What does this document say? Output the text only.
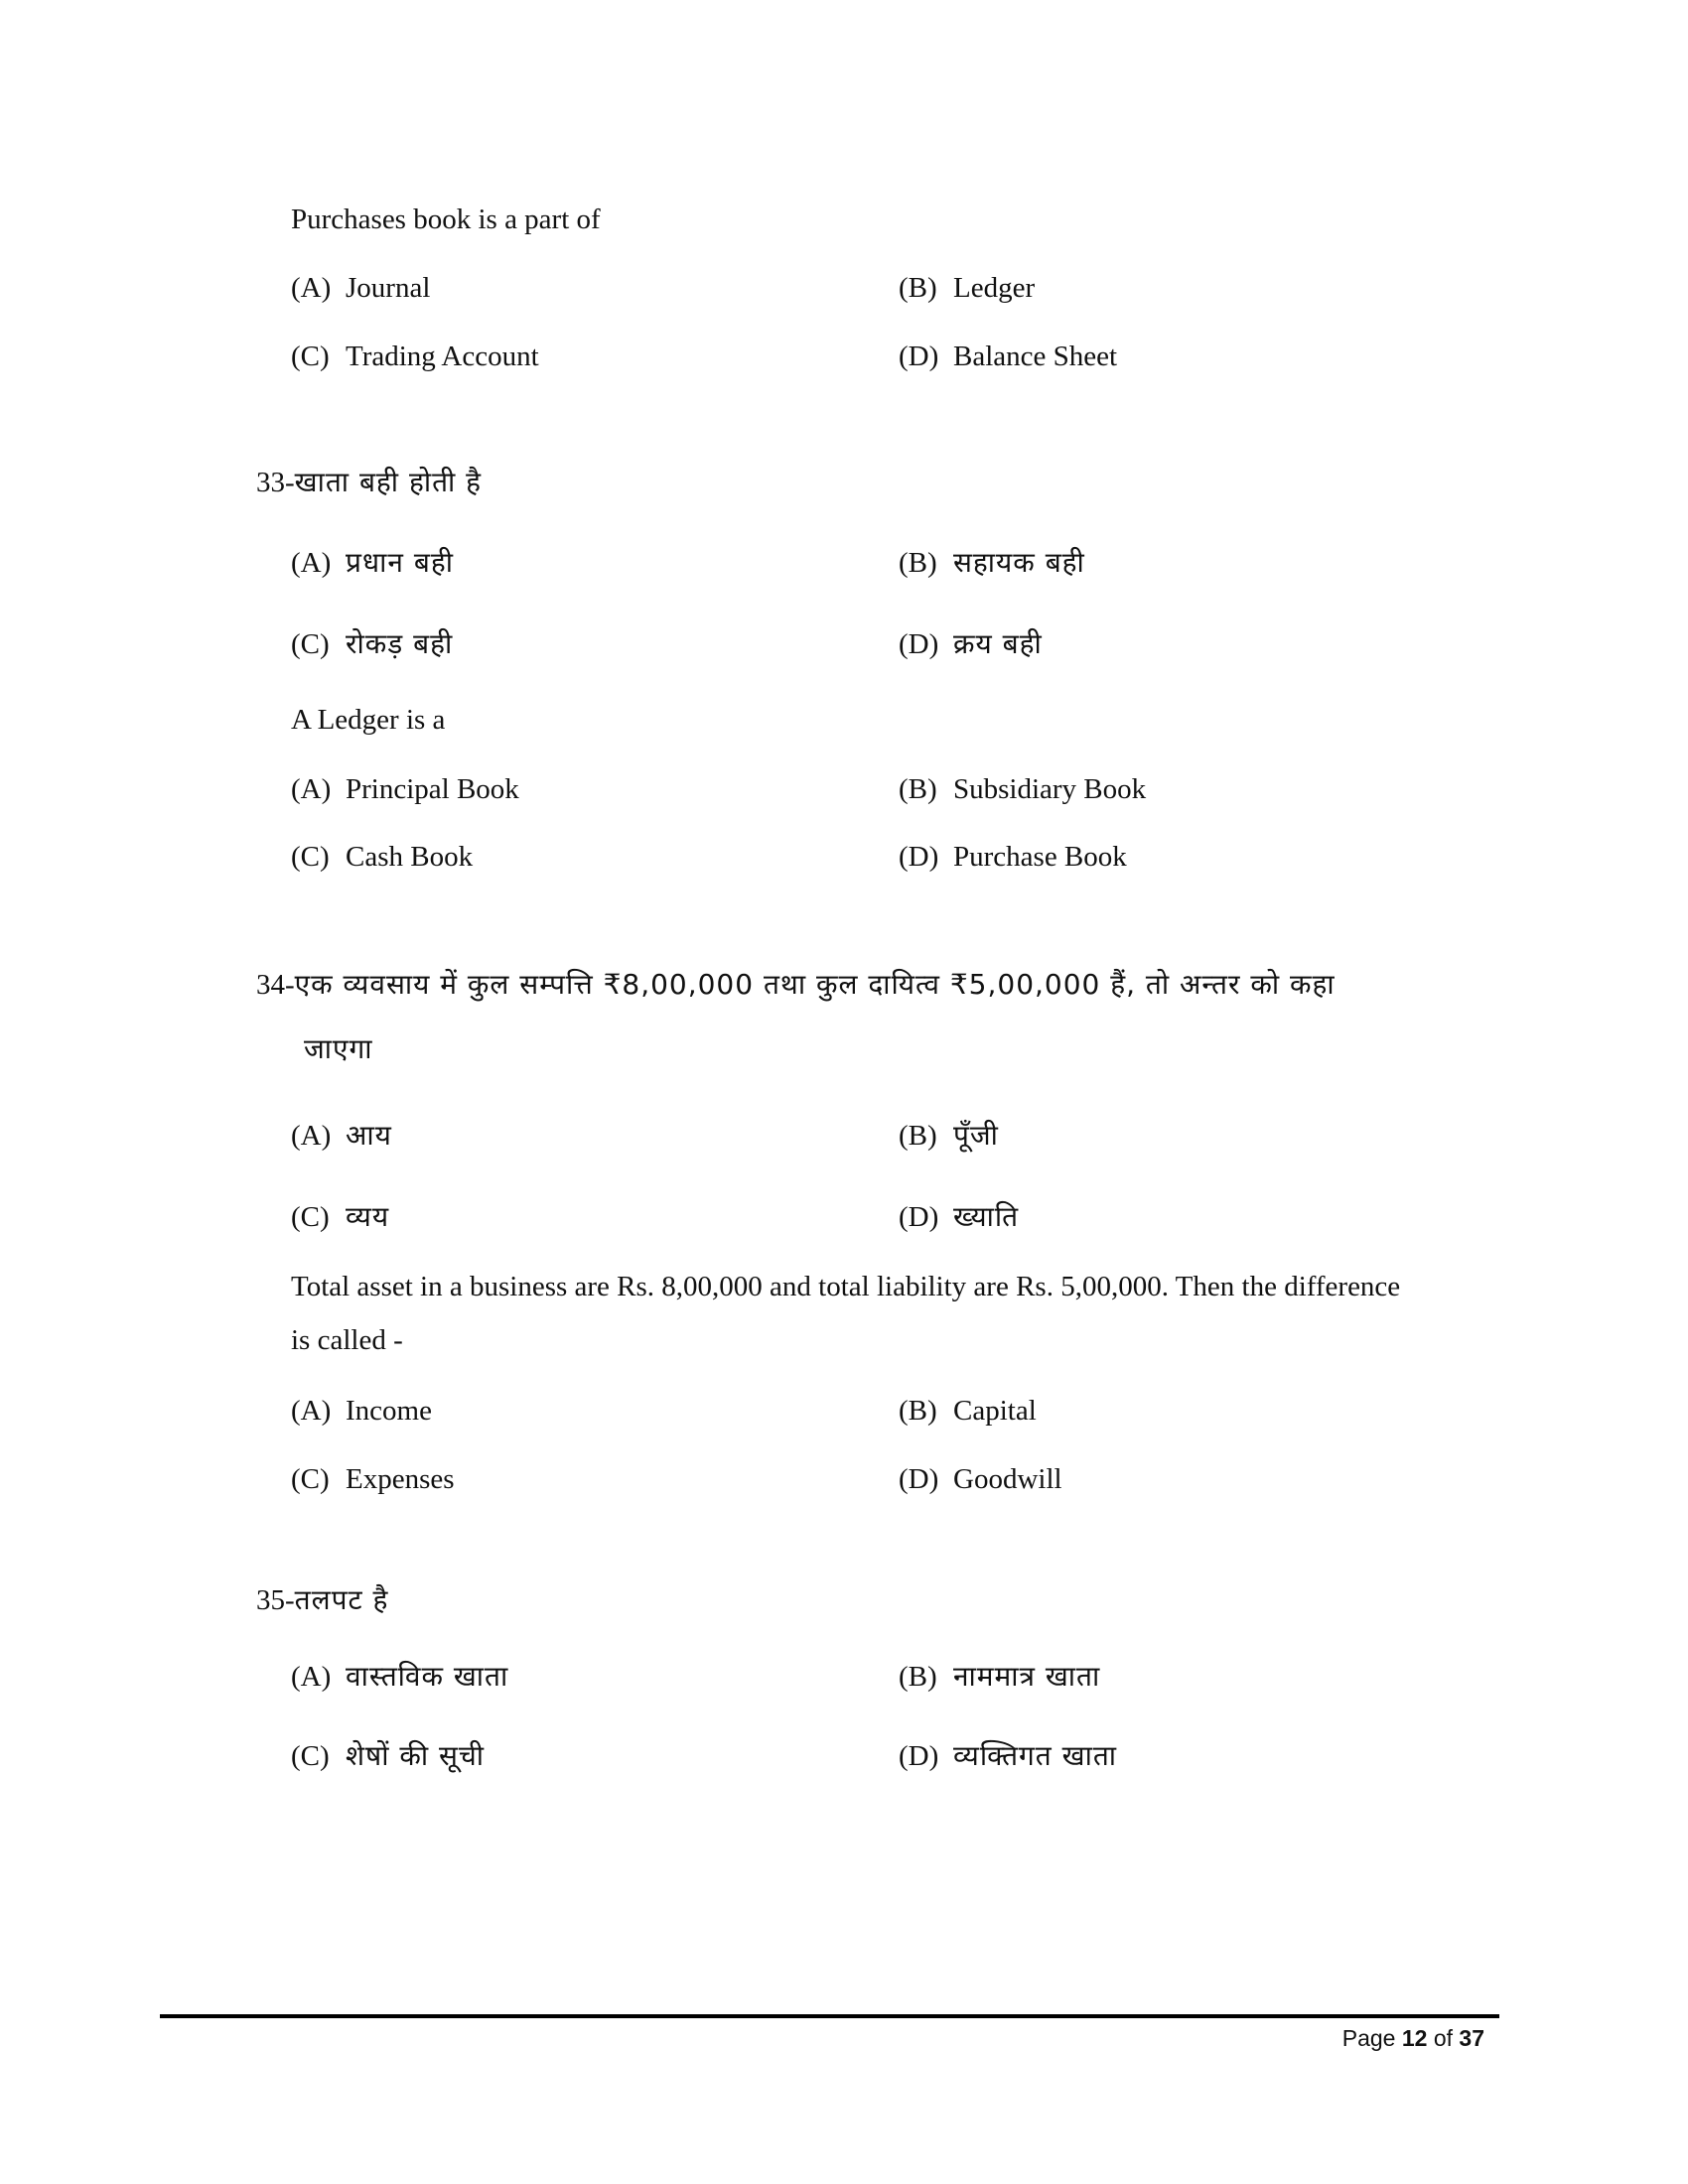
Purchases book is a part of
(A) Journal	(B) Ledger
(C) Trading Account	(D) Balance Sheet
33-खाता बही होती है
(A) प्रधान बही	(B) सहायक बही
(C) रोकड़ बही	(D) क्रय बही
A Ledger is a
(A) Principal Book	(B) Subsidiary Book
(C) Cash Book	(D) Purchase Book
34-एक व्यवसाय में कुल सम्पत्ति ₹8,00,000 तथा कुल दायित्व ₹5,00,000 हैं, तो अन्तर को कहा
जाएगा
(A) आय	(B) पूँजी
(C) व्यय	(D) ख्याति
Total asset in a business are Rs. 8,00,000 and total liability are Rs. 5,00,000. Then the difference
is called -
(A) Income	(B) Capital
(C) Expenses	(D) Goodwill
35-तलपट है
(A) वास्तविक खाता	(B) नाममात्र खाता
(C) शेषों की सूची	(D) व्यक्तिगत खाता
Page 12 of 37
